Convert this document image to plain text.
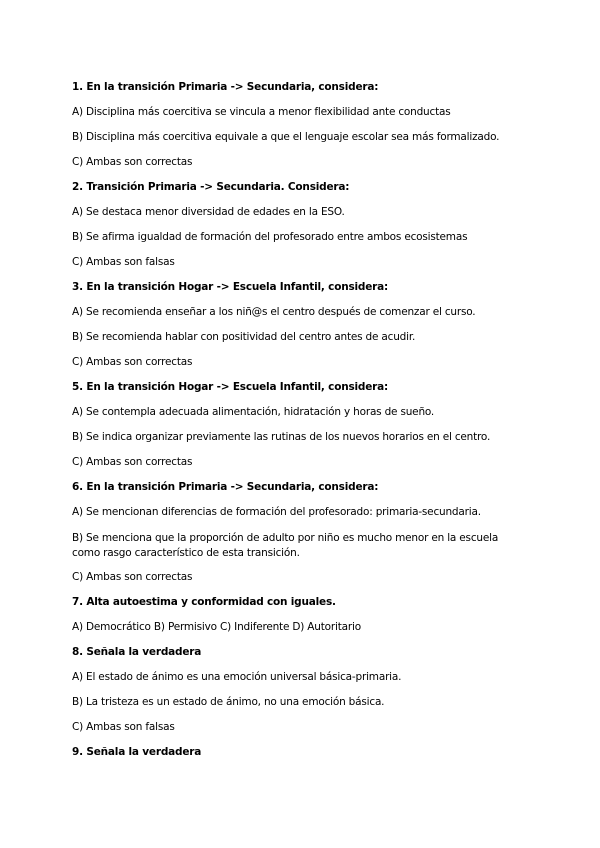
1. En la transición Primaria -> Secundaria, considera:

A) Disciplina más coercitiva se vincula a menor flexibilidad ante conductas

B) Disciplina más coercitiva equivale a que el lenguaje escolar sea más formalizado.

C) Ambas son correctas

2. Transición Primaria -> Secundaria. Considera:

A) Se destaca menor diversidad de edades en la ESO.

B) Se afirma igualdad de formación del profesorado entre ambos ecosistemas

C) Ambas son falsas

3. En la transición Hogar -> Escuela Infantil, considera:

A) Se recomienda enseñar a los niñ@s el centro después de comenzar el curso.

B) Se recomienda hablar con positividad del centro antes de acudir.

C) Ambas son correctas

5. En la transición Hogar -> Escuela Infantil, considera:

A) Se contempla adecuada alimentación, hidratación y horas de sueño.

B) Se indica organizar previamente las rutinas de los nuevos horarios en el centro.

C) Ambas son correctas

6. En la transición Primaria -> Secundaria, considera:

A) Se mencionan diferencias de formación del profesorado: primaria-secundaria.

B) Se menciona que la proporción de adulto por niño es mucho menor en la escuela como rasgo característico de esta transición.

C) Ambas son correctas

7. Alta autoestima y conformidad con iguales.

A) Democrático B) Permisivo C) Indiferente D) Autoritario

8. Señala la verdadera

A) El estado de ánimo es una emoción universal básica-primaria.

B) La tristeza es un estado de ánimo, no una emoción básica.

C) Ambas son falsas

9. Señala la verdadera
